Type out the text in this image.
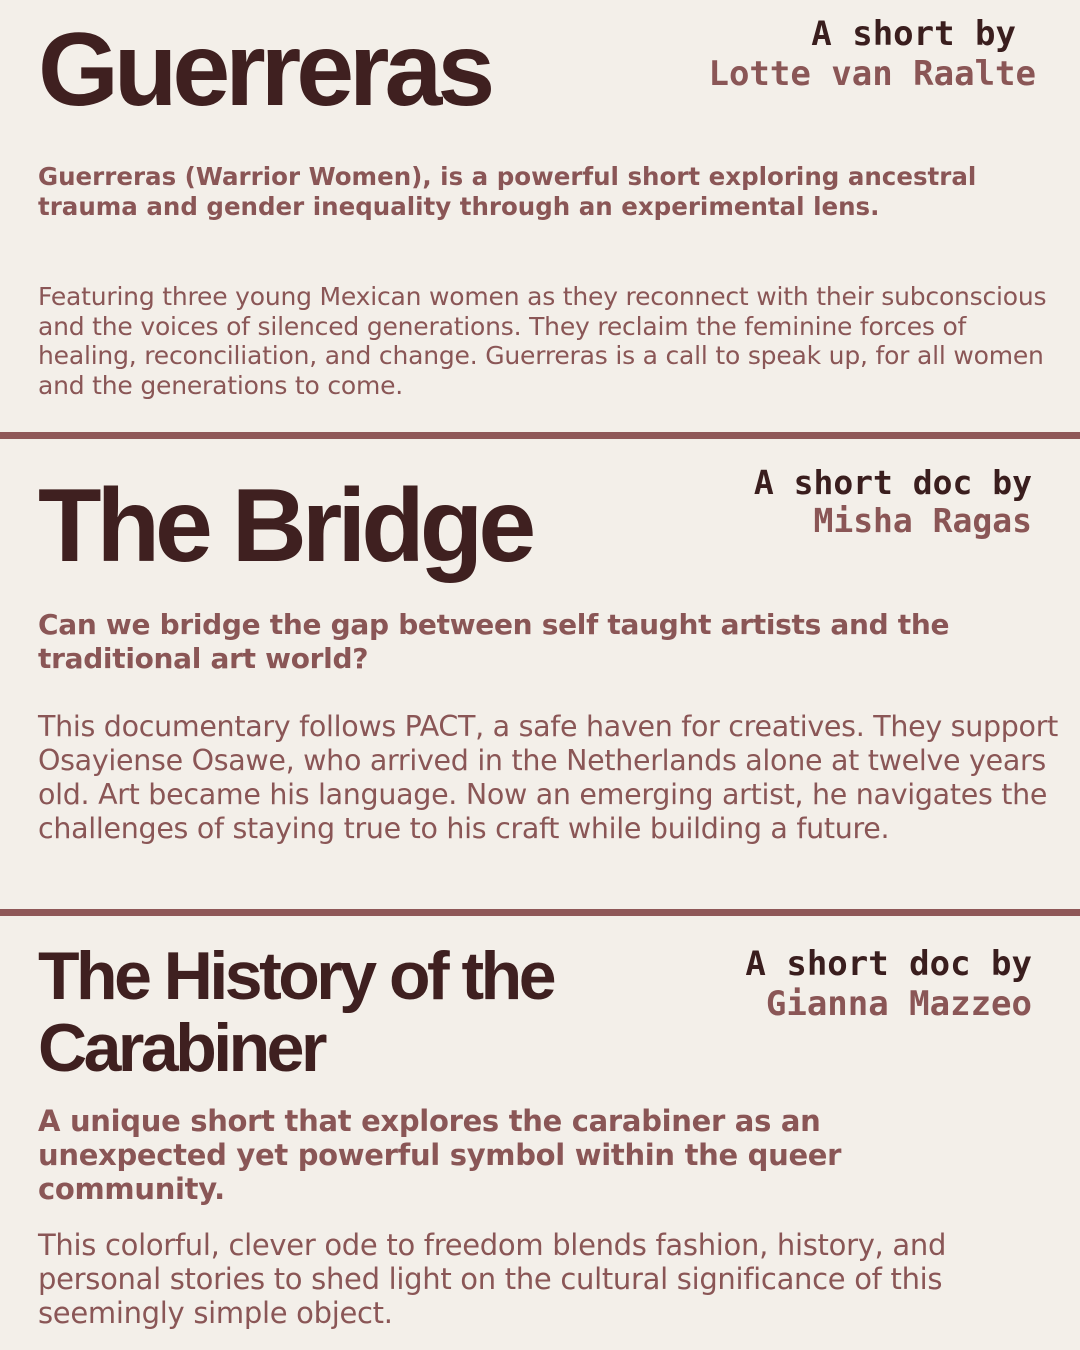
Guerreras	A short by
Lotte van Raalte

Guerreras (Warrior Women), is a powerful short exploring ancestral trauma and gender inequality through an experimental lens.

Featuring three young Mexican women as they reconnect with their subconscious and the voices of silenced generations. They reclaim the feminine forces of healing, reconciliation, and change. Guerreras is a call to speak up, for all women and the generations to come.

The Bridge	A short doc by
Misha Ragas

Can we bridge the gap between self taught artists and the traditional art world?

This documentary follows PACT, a safe haven for creatives. They support Osayiense Osawe, who arrived in the Netherlands alone at twelve years old. Art became his language. Now an emerging artist, he navigates the challenges of staying true to his craft while building a future.

The History of the Carabiner
A short doc by
Gianna Mazzeo

A unique short that explores the carabiner as an unexpected yet powerful symbol within the queer community.

This colorful, clever ode to freedom blends fashion, history, and personal stories to shed light on the cultural significance of this seemingly simple object.
